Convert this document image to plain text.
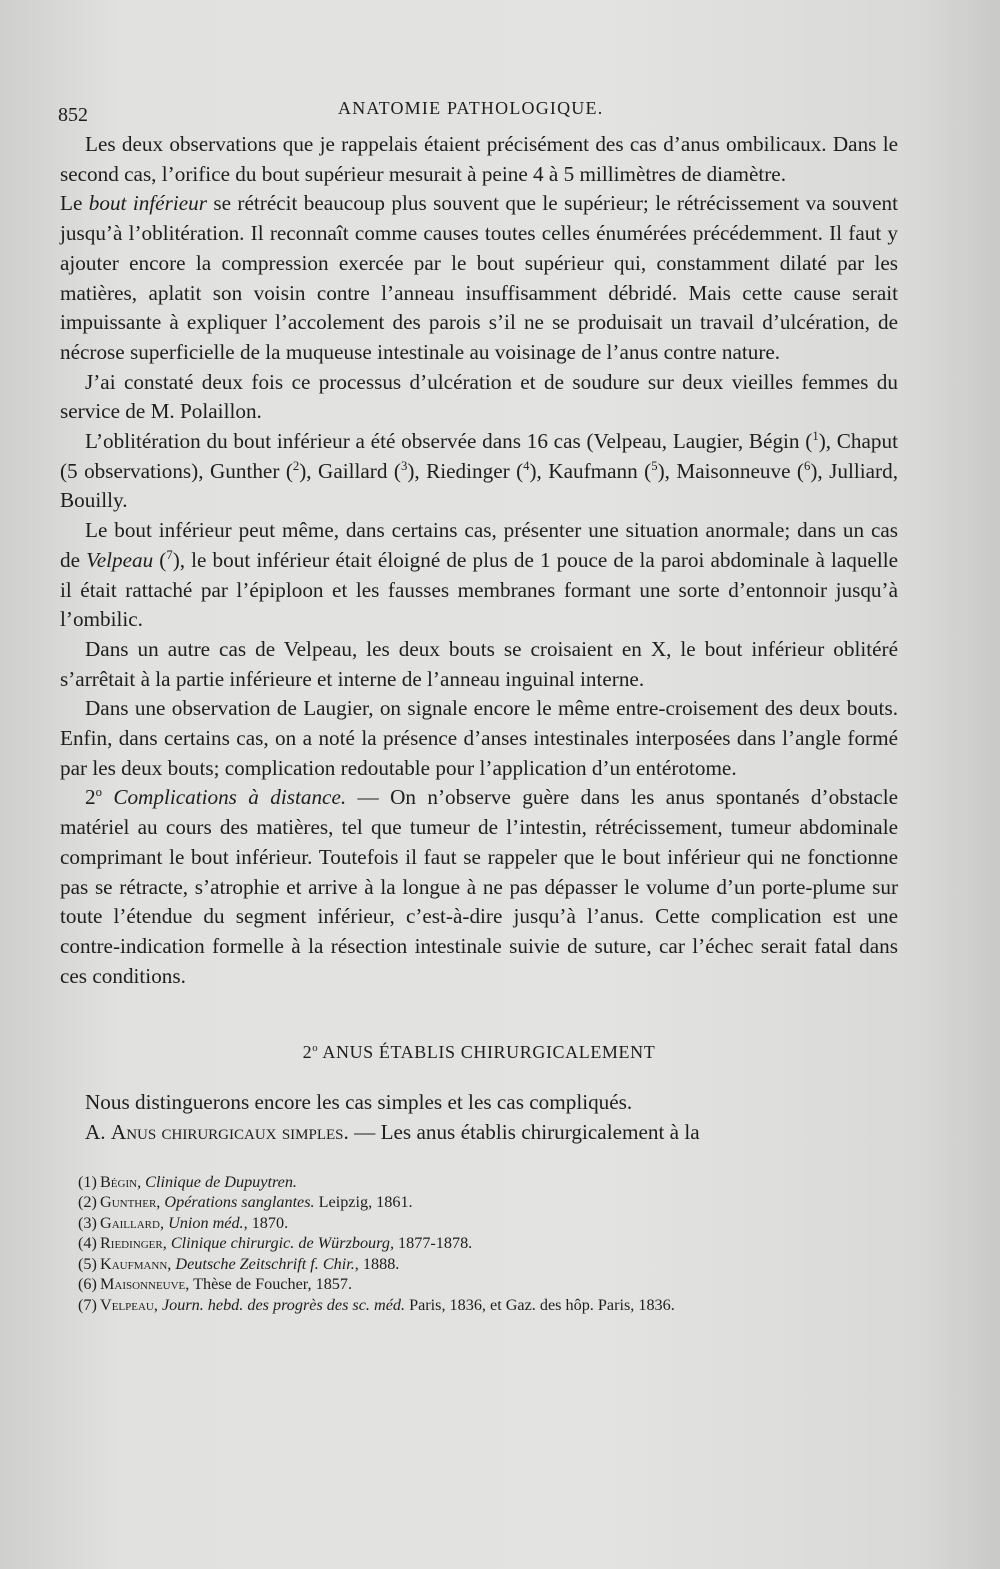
852	ANATOMIE PATHOLOGIQUE.

Les deux observations que je rappelais étaient précisément des cas d’anus ombilicaux. Dans le second cas, l’orifice du bout supérieur mesurait à peine 4 à 5 millimètres de diamètre.

Le bout inférieur se rétrécit beaucoup plus souvent que le supérieur; le rétrécissement va souvent jusqu’à l’oblitération. Il reconnaît comme causes toutes celles énumérées précédemment. Il faut y ajouter encore la compression exercée par le bout supérieur qui, constamment dilaté par les matières, aplatit son voisin contre l’anneau insuffisamment débridé. Mais cette cause serait impuissante à expliquer l’accolement des parois s’il ne se produisait un travail d’ulcération, de nécrose superficielle de la muqueuse intestinale au voisinage de l’anus contre nature.

J’ai constaté deux fois ce processus d’ulcération et de soudure sur deux vieilles femmes du service de M. Polaillon.

L’oblitération du bout inférieur a été observée dans 16 cas (Velpeau, Laugier, Bégin ($^1$), Chaput (5 observations), Gunther ($^2$), Gaillard ($^3$), Riedinger ($^4$), Kaufmann ($^5$), Maisonneuve ($^6$), Julliard, Bouilly.

Le bout inférieur peut même, dans certains cas, présenter une situation anormale; dans un cas de Velpeau ($^7$), le bout inférieur était éloigné de plus de 1 pouce de la paroi abdominale à laquelle il était rattaché par l’épiploon et les fausses membranes formant une sorte d’entonnoir jusqu’à l’ombilic.

Dans un autre cas de Velpeau, les deux bouts se croisaient en X, le bout inférieur oblitéré s’arrêtait à la partie inférieure et interne de l’anneau inguinal interne.

Dans une observation de Laugier, on signale encore le même entre-croisement des deux bouts. Enfin, dans certains cas, on a noté la présence d’anses intestinales interposées dans l’angle formé par les deux bouts; complication redoutable pour l’application d’un entérotome.

2$^o$ Complications à distance. — On n’observe guère dans les anus spontanés d’obstacle matériel au cours des matières, tel que tumeur de l’intestin, rétrécissement, tumeur abdominale comprimant le bout inférieur. Toutefois il faut se rappeler que le bout inférieur qui ne fonctionne pas se rétracte, s’atrophie et arrive à la longue à ne pas dépasser le volume d’un porte-plume sur toute l’étendue du segment inférieur, c’est-à-dire jusqu’à l’anus. Cette complication est une contre-indication formelle à la résection intestinale suivie de suture, car l’échec serait fatal dans ces conditions.

2$^o$ ANUS ÉTABLIS CHIRURGICALEMENT

Nous distinguerons encore les cas simples et les cas compliqués.

A. Anus chirurgicaux simples. — Les anus établis chirurgicalement à la

(1) Bégin, Clinique de Dupuytren.
(2) Gunther, Opérations sanglantes. Leipzig, 1861.
(3) Gaillard, Union méd., 1870.
(4) Riedinger, Clinique chirurgic. de Würzbourg, 1877-1878.
(5) Kaufmann, Deutsche Zeitschrift f. Chir., 1888.
(6) Maisonneuve, Thèse de Foucher, 1857.
(7) Velpeau, Journ. hebd. des progrès des sc. méd. Paris, 1836, et Gaz. des hôp. Paris, 1836.
